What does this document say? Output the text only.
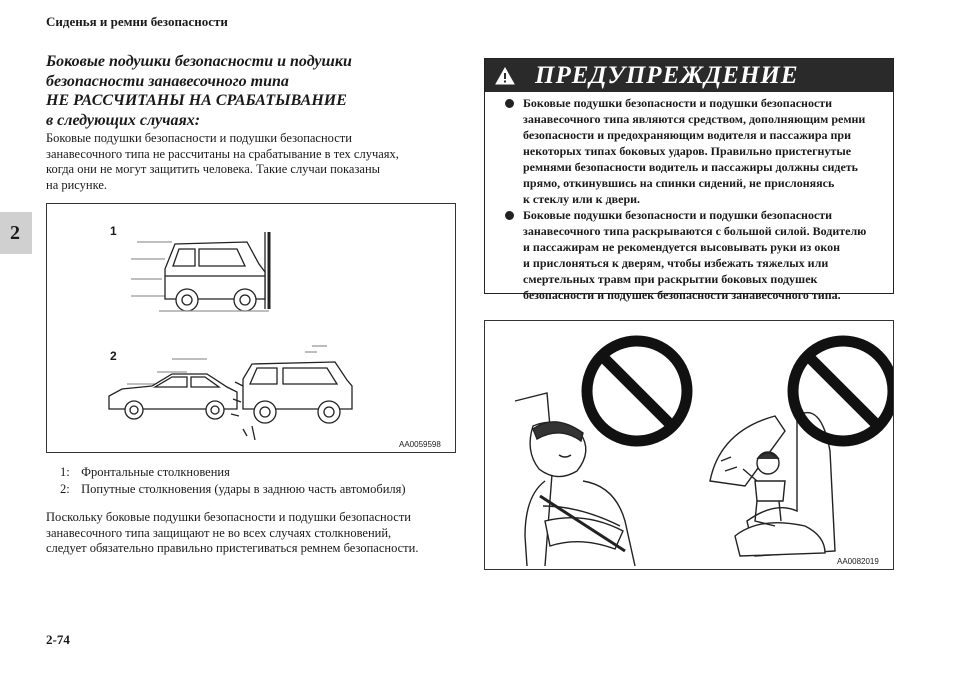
Сиденья и ремни безопасности
2
Боковые подушки безопасности и подушки
безопасности занавесочного типа
НЕ РАССЧИТАНЫ НА СРАБАТЫВАНИЕ
в следующих случаях:
Боковые подушки безопасности и подушки безопасности
занавесочного типа не рассчитаны на срабатывание в тех случаях,
когда они не могут защитить человека. Такие случаи показаны
на рисунке.
1
2
AA0059598
1: Фронтальные столкновения
2: Попутные столкновения (удары в заднюю часть автомобиля)
Поскольку боковые подушки безопасности и подушки безопасности
занавесочного типа защищают не во всех случаях столкновений,
следует обязательно правильно пристегиваться ремнем безопасности.
ПРЕДУПРЕЖДЕНИЕ
Боковые подушки безопасности и подушки безопасности
занавесочного типа являются средством, дополняющим ремни
безопасности и предохраняющим водителя и пассажира при
некоторых типах боковых ударов. Правильно пристегнутые
ремнями безопасности водитель и пассажиры должны сидеть
прямо, откинувшись на спинки сидений, не прислоняясь
к стеклу или к двери.
Боковые подушки безопасности и подушки безопасности
занавесочного типа раскрываются с большой силой. Водителю
и пассажирам не рекомендуется высовывать руки из окон
и прислоняться к дверям, чтобы избежать тяжелых или
смертельных травм при раскрытии боковых подушек
безопасности и подушек безопасности занавесочного типа.
AA0082019
2-74
